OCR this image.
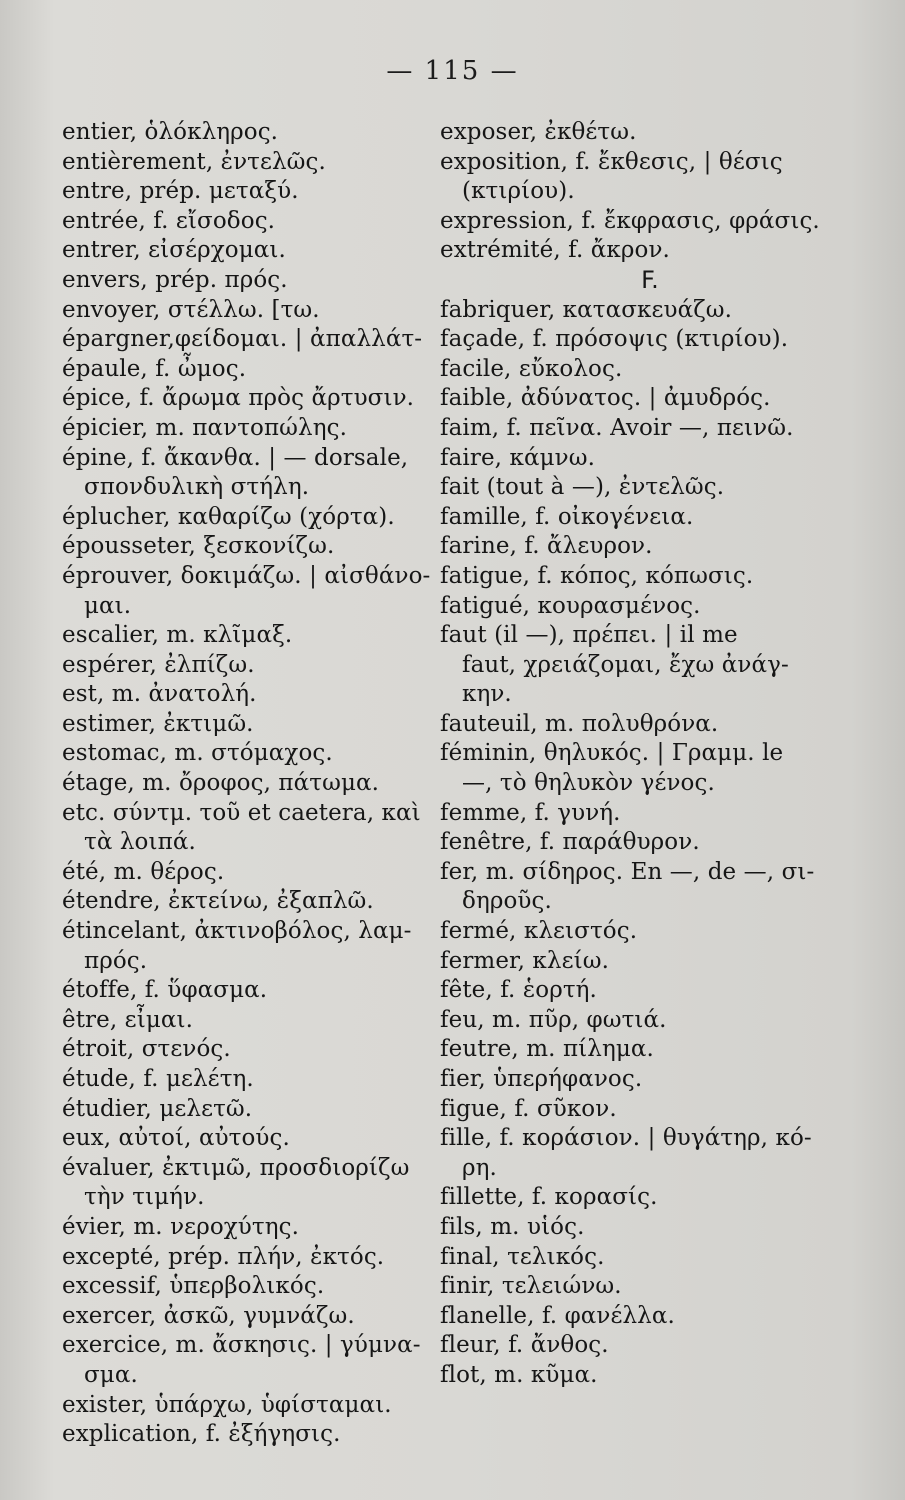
— 115 —
entier, ὁλόκληρος.
entièrement, ἐντελῶς.
entre, prép. μεταξύ.
entrée, f. εἴσοδος.
entrer, εἰσέρχομαι.
envers, prép. πρός.
envoyer, στέλλω. [τω.
épargner,φείδομαι. | ἀπαλλάτ-
épaule, f. ὦμος.
épice, f. ἄρωμα πρὸς ἄρτυσιν.
épicier, m. παντοπώλης.
épine, f. ἄκανθα. | — dorsale,
σπονδυλικὴ στήλη.
éplucher, καθαρίζω (χόρτα).
épousseter, ξεσκονίζω.
éprouver, δοκιμάζω. | αἰσθάνο-
μαι.
escalier, m. κλῖμαξ.
espérer, ἐλπίζω.
est, m. ἀνατολή.
estimer, ἐκτιμῶ.
estomac, m. στόμαχος.
étage, m. ὄροφος, πάτωμα.
etc. σύντμ. τοῦ et caetera, καὶ
τὰ λοιπά.
été, m. θέρος.
étendre, ἐκτείνω, ἐξαπλῶ.
étincelant, ἀκτινοβόλος, λαμ-
πρός.
étoffe, f. ὕφασμα.
être, εἶμαι.
étroit, στενός.
étude, f. μελέτη.
étudier, μελετῶ.
eux, αὐτοί, αὐτούς.
évaluer, ἐκτιμῶ, προσδιορίζω
τὴν τιμήν.
évier, m. νεροχύτης.
excepté, prép. πλήν, ἐκτός.
excessif, ὑπερβολικός.
exercer, ἀσκῶ, γυμνάζω.
exercice, m. ἄσκησις. | γύμνα-
σμα.
exister, ὑπάρχω, ὑφίσταμαι.
explication, f. ἐξήγησις.
exposer, ἐκθέτω.
exposition, f. ἔκθεσις, | θέσις
(κτιρίου).
expression, f. ἔκφρασις, φράσις.
extrémité, f. ἄκρον.
F.
fabriquer, κατασκευάζω.
façade, f. πρόσοψις (κτιρίου).
facile, εὔκολος.
faible, ἀδύνατος. | ἀμυδρός.
faim, f. πεῖνα. Avoir —, πεινῶ.
faire, κάμνω.
fait (tout à —), ἐντελῶς.
famille, f. οἰκογένεια.
farine, f. ἄλευρον.
fatigue, f. κόπος, κόπωσις.
fatigué, κουρασμένος.
faut (il —), πρέπει. | il me
faut, χρειάζομαι, ἔχω ἀνάγ-
κην.
fauteuil, m. πολυθρόνα.
féminin, θηλυκός. | Γραμμ. le
—, τὸ θηλυκὸν γένος.
femme, f. γυνή.
fenêtre, f. παράθυρον.
fer, m. σίδηρος. En —, de —, σι-
δηροῦς.
fermé, κλειστός.
fermer, κλείω.
fête, f. ἑορτή.
feu, m. πῦρ, φωτιά.
feutre, m. πίλημα.
fier, ὑπερήφανος.
figue, f. σῦκον.
fille, f. κοράσιον. | θυγάτηρ, κό-
ρη.
fillette, f. κορασίς.
fils, m. υἱός.
final, τελικός.
finir, τελειώνω.
flanelle, f. φανέλλα.
fleur, f. ἄνθος.
flot, m. κῦμα.
